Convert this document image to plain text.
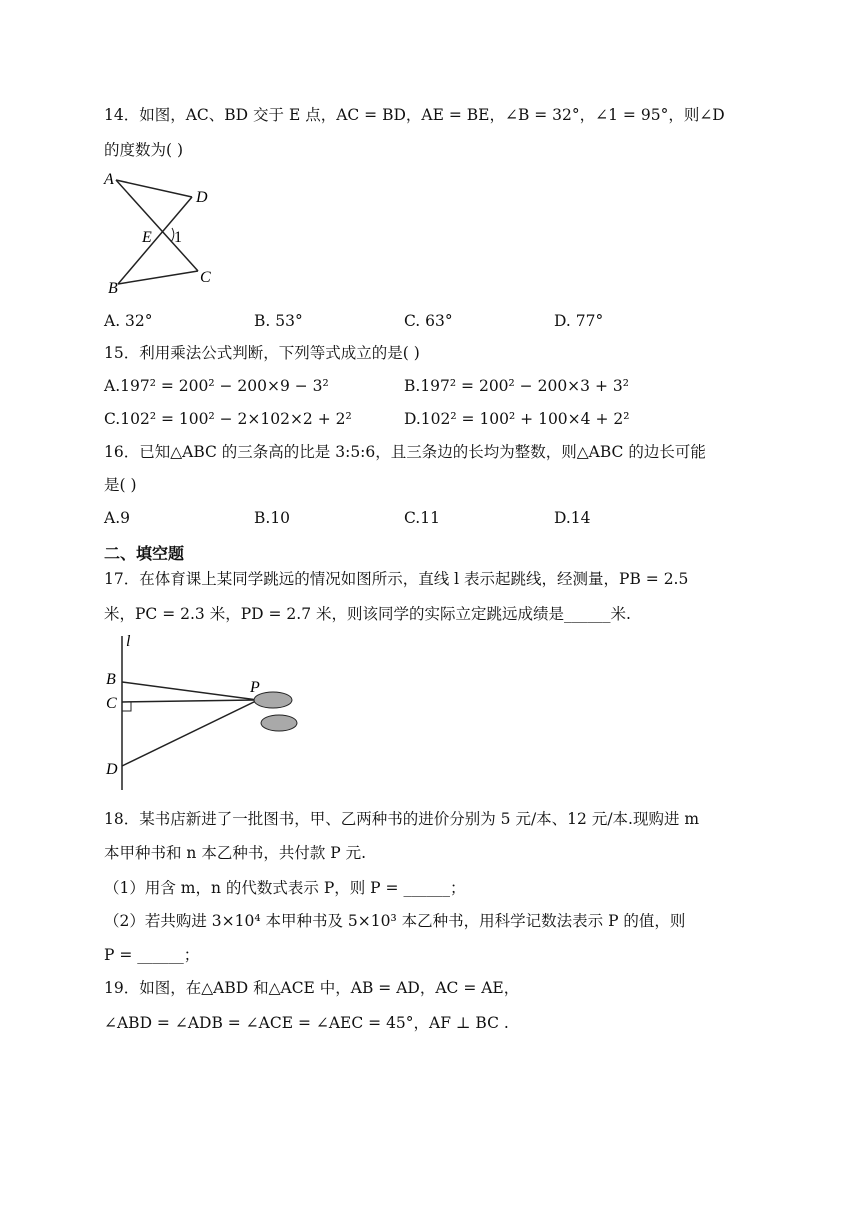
14．如图，AC、BD 交于 E 点，AC = BD，AE = BE，∠B = 32°，∠1 = 95°，则∠D
的度数为( )
A
D
E 1
B
C
A. 32°	B. 53°	C. 63°	D. 77°
15．利用乘法公式判断，下列等式成立的是( )
A.197² = 200² − 200×9 − 3²	B.197² = 200² − 200×3 + 3²
C.102² = 100² − 2×102×2 + 2²	D.102² = 100² + 100×4 + 2²
16．已知△ABC 的三条高的比是 3:5:6，且三条边的长均为整数，则△ABC 的边长可能
是( )
A.9	B.10	C.11	D.14
二、填空题
17．在体育课上某同学跳远的情况如图所示，直线 l 表示起跳线，经测量，PB = 2.5
米，PC = 2.3 米，PD = 2.7 米，则该同学的实际立定跳远成绩是______米.
l
B
C
D
P
18．某书店新进了一批图书，甲、乙两种书的进价分别为 5 元/本、12 元/本.现购进 m
本甲种书和 n 本乙种书，共付款 P 元.
（1）用含 m，n 的代数式表示 P，则 P = ______；
（2）若共购进 3×10⁴ 本甲种书及 5×10³ 本乙种书，用科学记数法表示 P 的值，则
P = ______；
19．如图，在△ABD 和△ACE 中，AB = AD，AC = AE，
∠ABD = ∠ADB = ∠ACE = ∠AEC = 45°，AF ⊥ BC .
